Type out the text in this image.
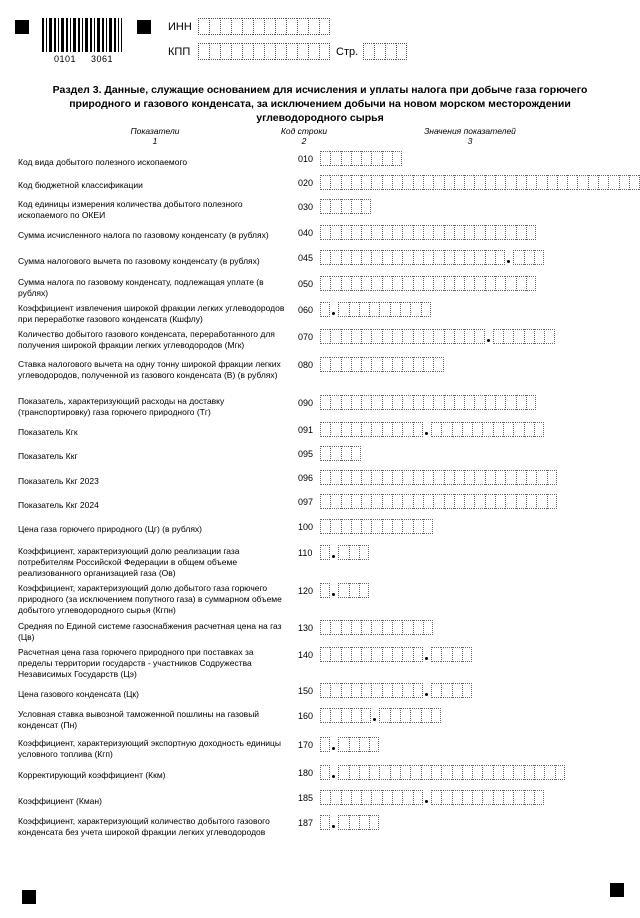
0101 3061
ИНН
КПП	Стр.
Раздел 3. Данные, служащие основанием для исчисления и уплаты налога при добыче газа горючего природного и газового конденсата, за исключением добычи на новом морском месторождении углеводородного сырья
Показатели
1
Код строки
2
Значения показателей
3
Код вида добытого полезного ископаемого	010
Код бюджетной классификации	020
Код единицы измерения количества добытого полезного ископаемого по ОКЕИ
030
Сумма исчисленного налога по газовому конденсату (в рублях)	040
Сумма налогового вычета по газовому конденсату (в рублях)	045
Сумма налога по газовому конденсату, подлежащая уплате (в рублях)
050
Коэффициент извлечения широкой фракции легких углеводородов при переработке газового конденсата (Кшфлу)
060
Количество добытого газового конденсата, переработанного для получения широкой фракции легких углеводородов (Мгк)
070
Ставка налогового вычета на одну тонну широкой фракции легких углеводородов, полученной из газового конденсата (В) (в рублях)
080
Показатель, характеризующий расходы на доставку (транспортировку) газа горючего природного (Тг)
090
Показатель Кгк	091
Показатель Ккг	095
Показатель Ккг 2023	096
Показатель Ккг 2024	097
Цена газа горючего природного (Цг) (в рублях)	100
Коэффициент, характеризующий долю реализации газа потребителям Российской Федерации в общем объеме реализованного организацией газа (Ов)
110
Коэффициент, характеризующий долю добытого газа горючего природного (за исключением попутного газа) в суммарном объеме добытого углеводородного сырья (Кгпн)
120
Средняя по Единой системе газоснабжения расчетная цена на газ (Цв)
130
Расчетная цена газа горючего природного при поставках за пределы территории государств - участников Содружества Независимых Государств (Цэ)
140
Цена газового конденсата (Цк)	150
Условная ставка вывозной таможенной пошлины на газовый конденсат (Пн)
160
Коэффициент, характеризующий экспортную доходность единицы условного топлива (Кгп)
170
Корректирующий коэффициент (Ккм)	180
Коэффициент (Кман)	185
Коэффициент, характеризующий количество добытого газового конденсата без учета широкой фракции легких углеводородов
187
